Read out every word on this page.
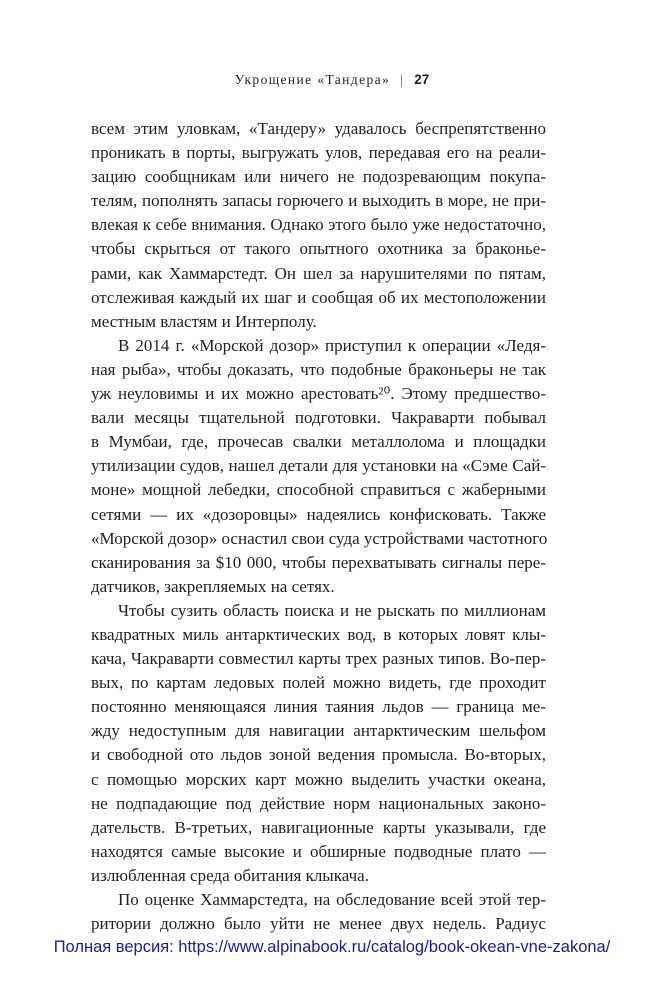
Укрощение «Тандера» | 27
всем этим уловкам, «Тандеру» удавалось беспрепятственно
проникать в порты, выгружать улов, передавая его на реали-
зацию сообщникам или ничего не подозревающим покупа-
телям, пополнять запасы горючего и выходить в море, не при-
влекая к себе внимания. Однако этого было уже недостаточно,
чтобы скрыться от такого опытного охотника за браконье-
рами, как Хаммарстедт. Он шел за нарушителями по пятам,
отслеживая каждый их шаг и сообщая об их местоположении
местным властям и Интерполу.
В 2014 г. «Морской дозор» приступил к операции «Ледя-
ная рыба», чтобы доказать, что подобные браконьеры не так
уж неуловимы и их можно арестовать²⁰. Этому предшество-
вали месяцы тщательной подготовки. Чакраварти побывал
в Мумбаи, где, прочесав свалки металлолома и площадки
утилизации судов, нашел детали для установки на «Сэме Сай-
моне» мощной лебедки, способной справиться с жаберными
сетями — их «дозоровцы» надеялись конфисковать. Также
«Морской дозор» оснастил свои суда устройствами частотного
сканирования за $10 000, чтобы перехватывать сигналы пере-
датчиков, закрепляемых на сетях.
Чтобы сузить область поиска и не рыскать по миллионам
квадратных миль антарктических вод, в которых ловят клы-
кача, Чакраварти совместил карты трех разных типов. Во-пер-
вых, по картам ледовых полей можно видеть, где проходит
постоянно меняющаяся линия таяния льдов — граница ме-
жду недоступным для навигации антарктическим шельфом
и свободной ото льдов зоной ведения промысла. Во-вторых,
с помощью морских карт можно выделить участки океана,
не подпадающие под действие норм национальных законо-
дательств. В-третьих, навигационные карты указывали, где
находятся самые высокие и обширные подводные плато —
излюбленная среда обитания клыкача.
По оценке Хаммарстедта, на обследование всей этой тер-
ритории должно было уйти не менее двух недель. Радиус
Полная версия: https://www.alpinabook.ru/catalog/book-okean-vne-zakona/
